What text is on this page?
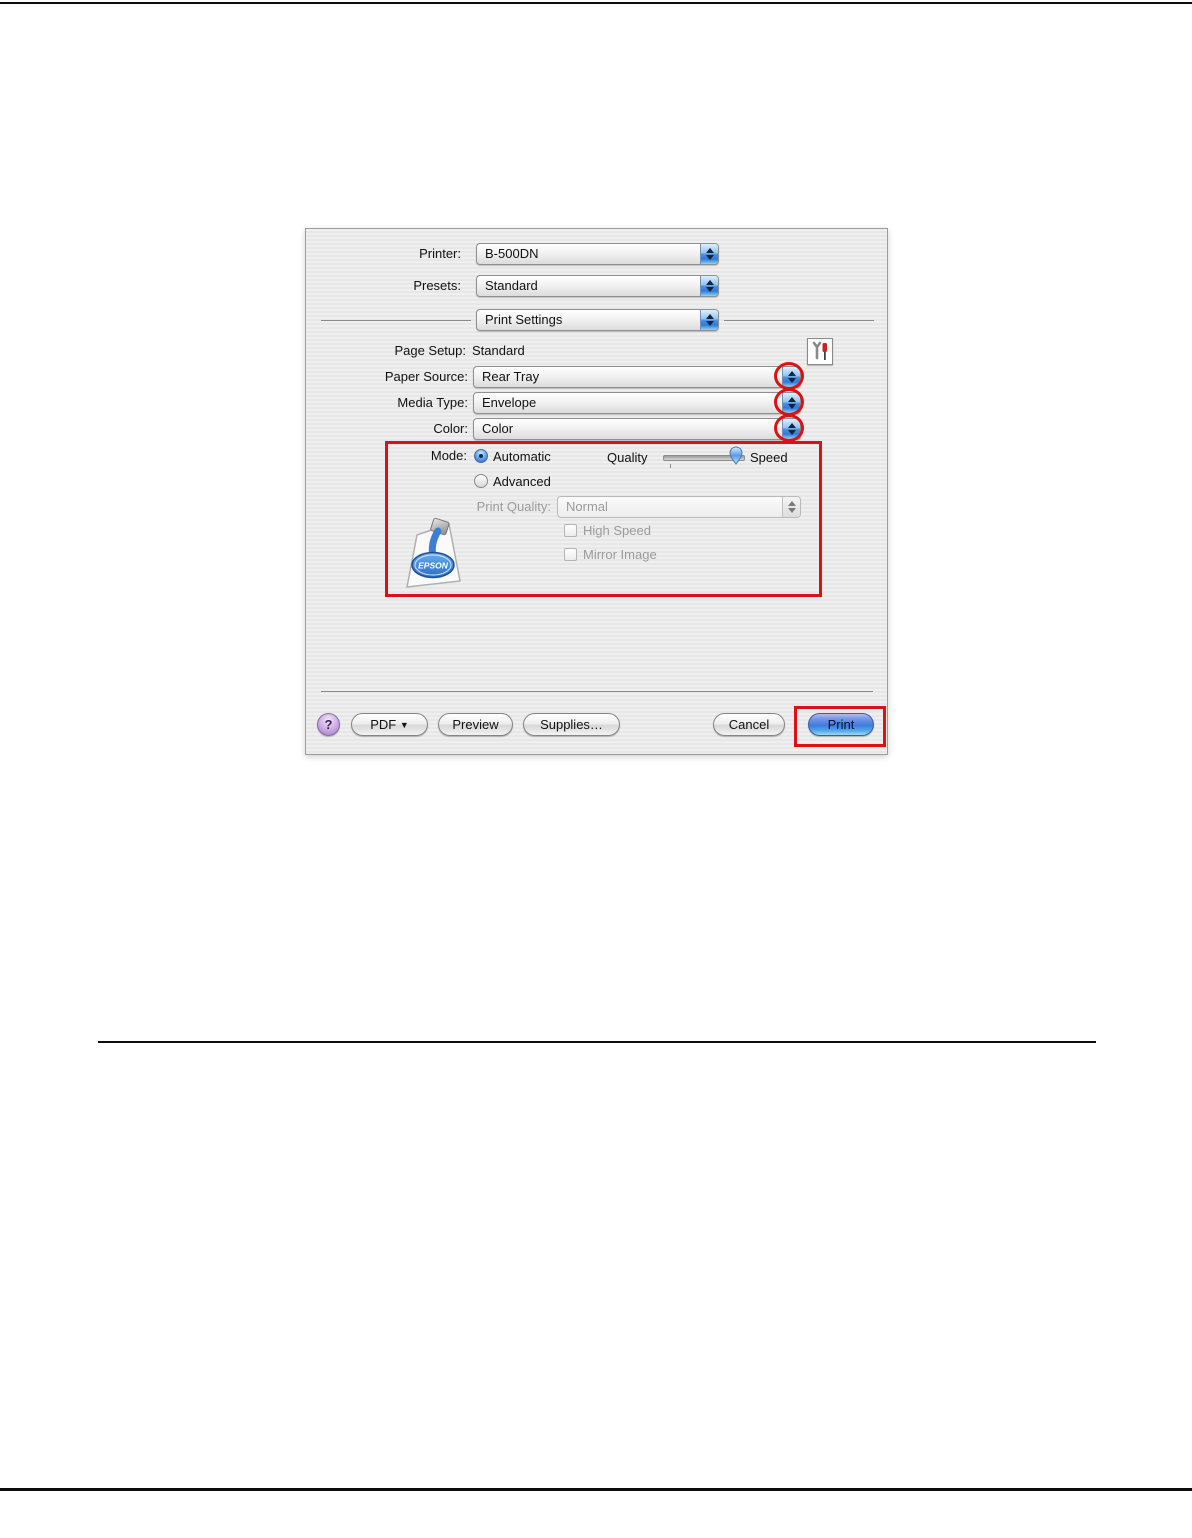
Printer: B-500DN
Presets: Standard
Print Settings
Page Setup: Standard
Paper Source: Rear Tray
Media Type: Envelope
Color: Color
Mode: Automatic
Advanced
Quality	Speed
Print Quality: Normal
High Speed
Mirror Image
EPSON
?	PDF ▼	Preview	Supplies…	Cancel	Print
